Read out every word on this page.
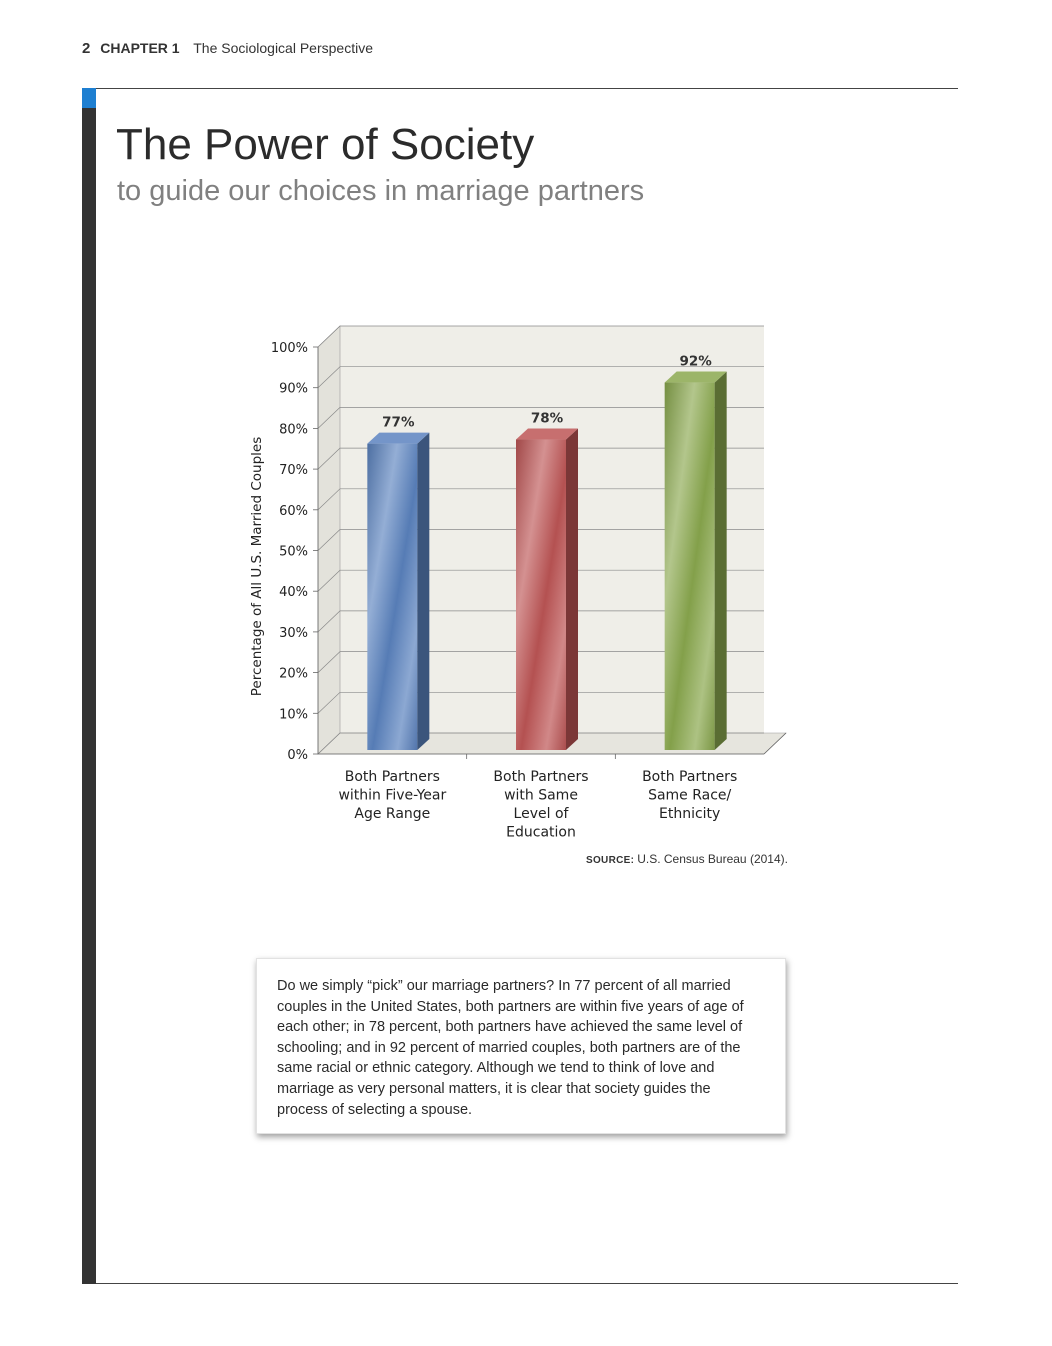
2 CHAPTER 1 The Sociological Perspective
The Power of Society
to guide our choices in marriage partners
0%
10%
20%
30%
40%
50%
60%
70%
80%
90%
100%
Percentage of All U.S. Married Couples
77%
Both Partners
within Five-Year
Age Range
78%
Both Partners
with Same
Level of
Education
92%
Both Partners
Same Race/
Ethnicity
SOURCE: U.S. Census Bureau (2014).

Do we simply “pick” our marriage partners? In 77 percent of all married couples in the United States, both partners are within five years of age of each other; in 78 percent, both partners have achieved the same level of schooling; and in 92 percent of married couples, both partners are of the same racial or ethnic category. Although we tend to think of love and marriage as very personal matters, it is clear that society guides the process of selecting a spouse.
